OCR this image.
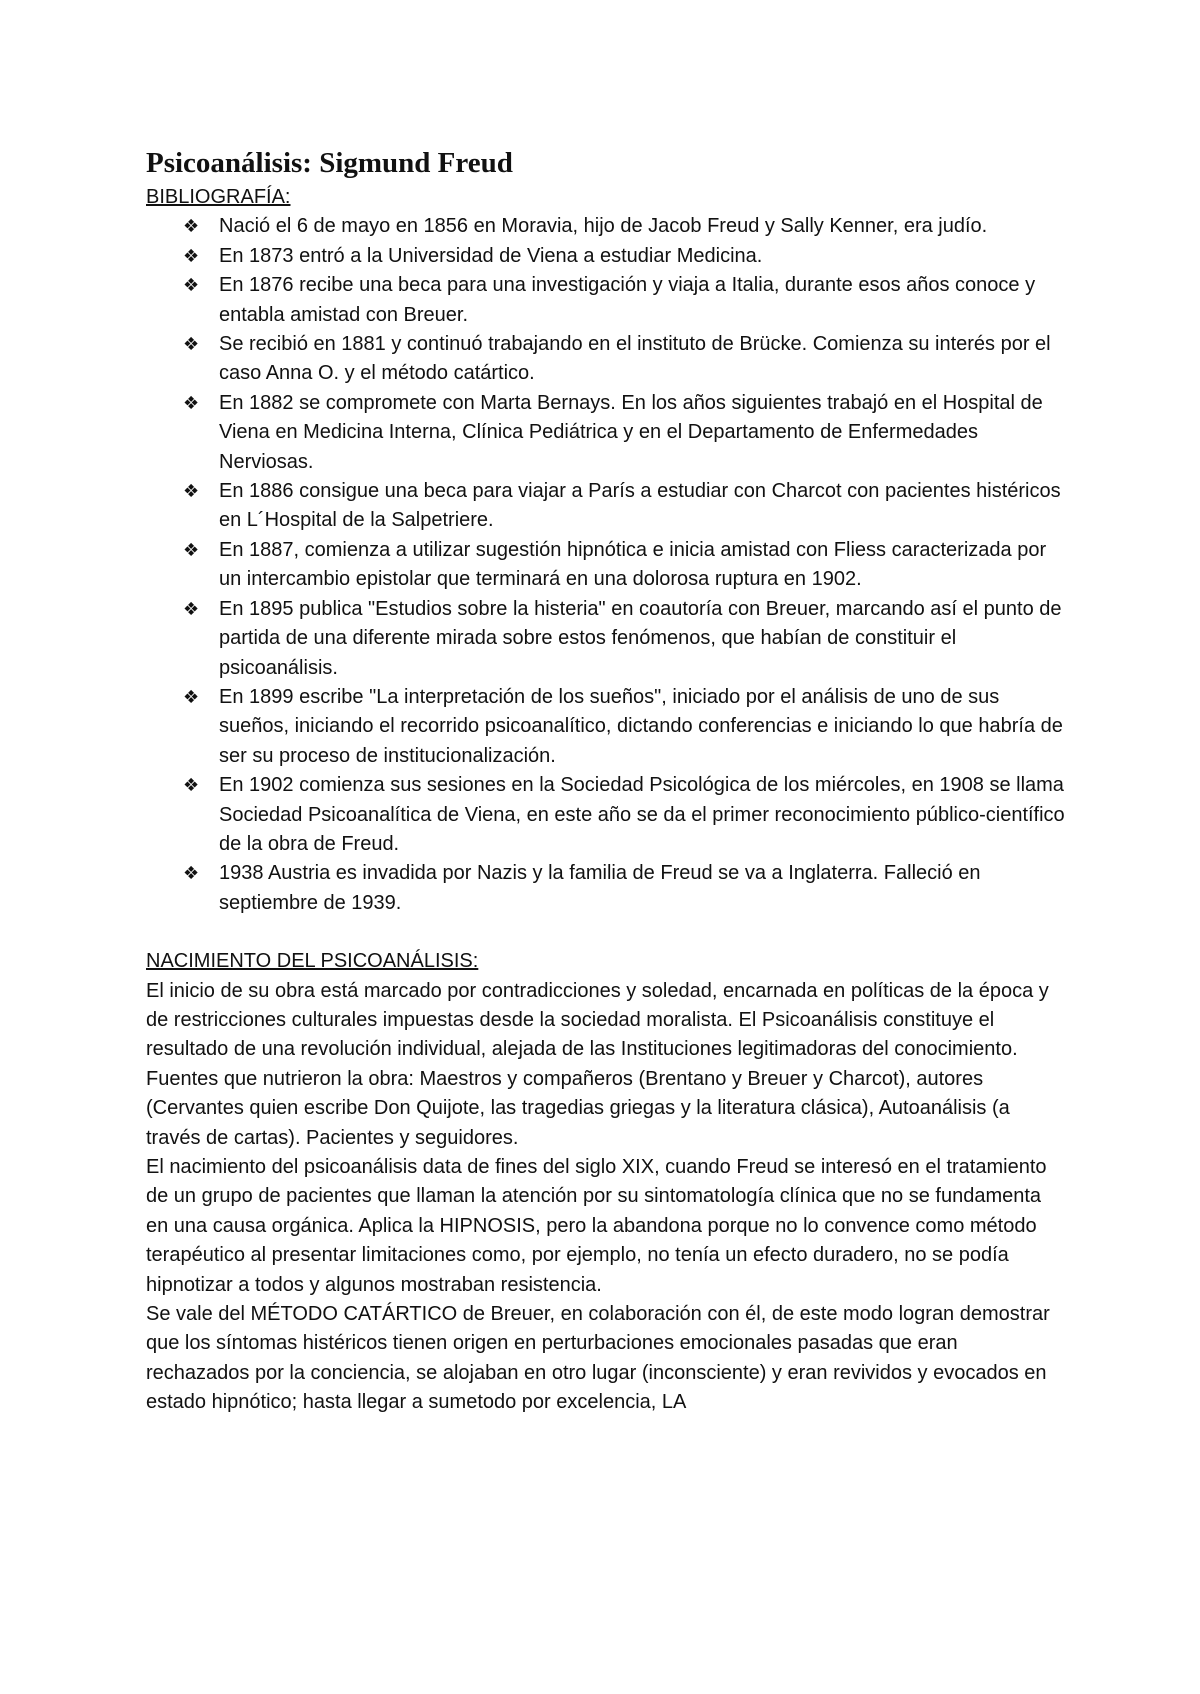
Psicoanálisis: Sigmund Freud
BIBLIOGRAFÍA:
❖ Nació el 6 de mayo en 1856 en Moravia, hijo de Jacob Freud y Sally Kenner, era judío.
❖ En 1873 entró a la Universidad de Viena a estudiar Medicina.
❖ En 1876 recibe una beca para una investigación y viaja a Italia, durante esos años conoce y entabla amistad con Breuer.
❖ Se recibió en 1881 y continuó trabajando en el instituto de Brücke. Comienza su interés por el caso Anna O. y el método catártico.
❖ En 1882 se compromete con Marta Bernays. En los años siguientes trabajó en el Hospital de Viena en Medicina Interna, Clínica Pediátrica y en el Departamento de Enfermedades Nerviosas.
❖ En 1886 consigue una beca para viajar a París a estudiar con Charcot con pacientes histéricos en L´Hospital de la Salpetriere.
❖ En 1887, comienza a utilizar sugestión hipnótica e inicia amistad con Fliess caracterizada por un intercambio epistolar que terminará en una dolorosa ruptura en 1902.
❖ En 1895 publica "Estudios sobre la histeria" en coautoría con Breuer, marcando así el punto de partida de una diferente mirada sobre estos fenómenos, que habían de constituir el psicoanálisis.
❖ En 1899 escribe "La interpretación de los sueños", iniciado por el análisis de uno de sus sueños, iniciando el recorrido psicoanalítico, dictando conferencias e iniciando lo que habría de ser su proceso de institucionalización.
❖ En 1902 comienza sus sesiones en la Sociedad Psicológica de los miércoles, en 1908 se llama Sociedad Psicoanalítica de Viena, en este año se da el primer reconocimiento público-científico de la obra de Freud.
❖ 1938 Austria es invadida por Nazis y la familia de Freud se va a Inglaterra. Falleció en septiembre de 1939.
NACIMIENTO DEL PSICOANÁLISIS:

El inicio de su obra está marcado por contradicciones y soledad, encarnada en políticas de la época y de restricciones culturales impuestas desde la sociedad moralista. El Psicoanálisis constituye el resultado de una revolución individual, alejada de las Instituciones legitimadoras del conocimiento.

Fuentes que nutrieron la obra: Maestros y compañeros (Brentano y Breuer y Charcot), autores (Cervantes quien escribe Don Quijote, las tragedias griegas y la literatura clásica), Autoanálisis (a través de cartas). Pacientes y seguidores.

El nacimiento del psicoanálisis data de fines del siglo XIX, cuando Freud se interesó en el tratamiento de un grupo de pacientes que llaman la atención por su sintomatología clínica que no se fundamenta en una causa orgánica. Aplica la HIPNOSIS, pero la abandona porque no lo convence como método terapéutico al presentar limitaciones como, por ejemplo, no tenía un efecto duradero, no se podía hipnotizar a todos y algunos mostraban resistencia.

Se vale del MÉTODO CATÁRTICO de Breuer, en colaboración con él, de este modo logran demostrar que los síntomas histéricos tienen origen en perturbaciones emocionales pasadas que eran rechazados por la conciencia, se alojaban en otro lugar (inconsciente) y eran revividos y evocados en estado hipnótico; hasta llegar a sumetodo por excelencia, LA
